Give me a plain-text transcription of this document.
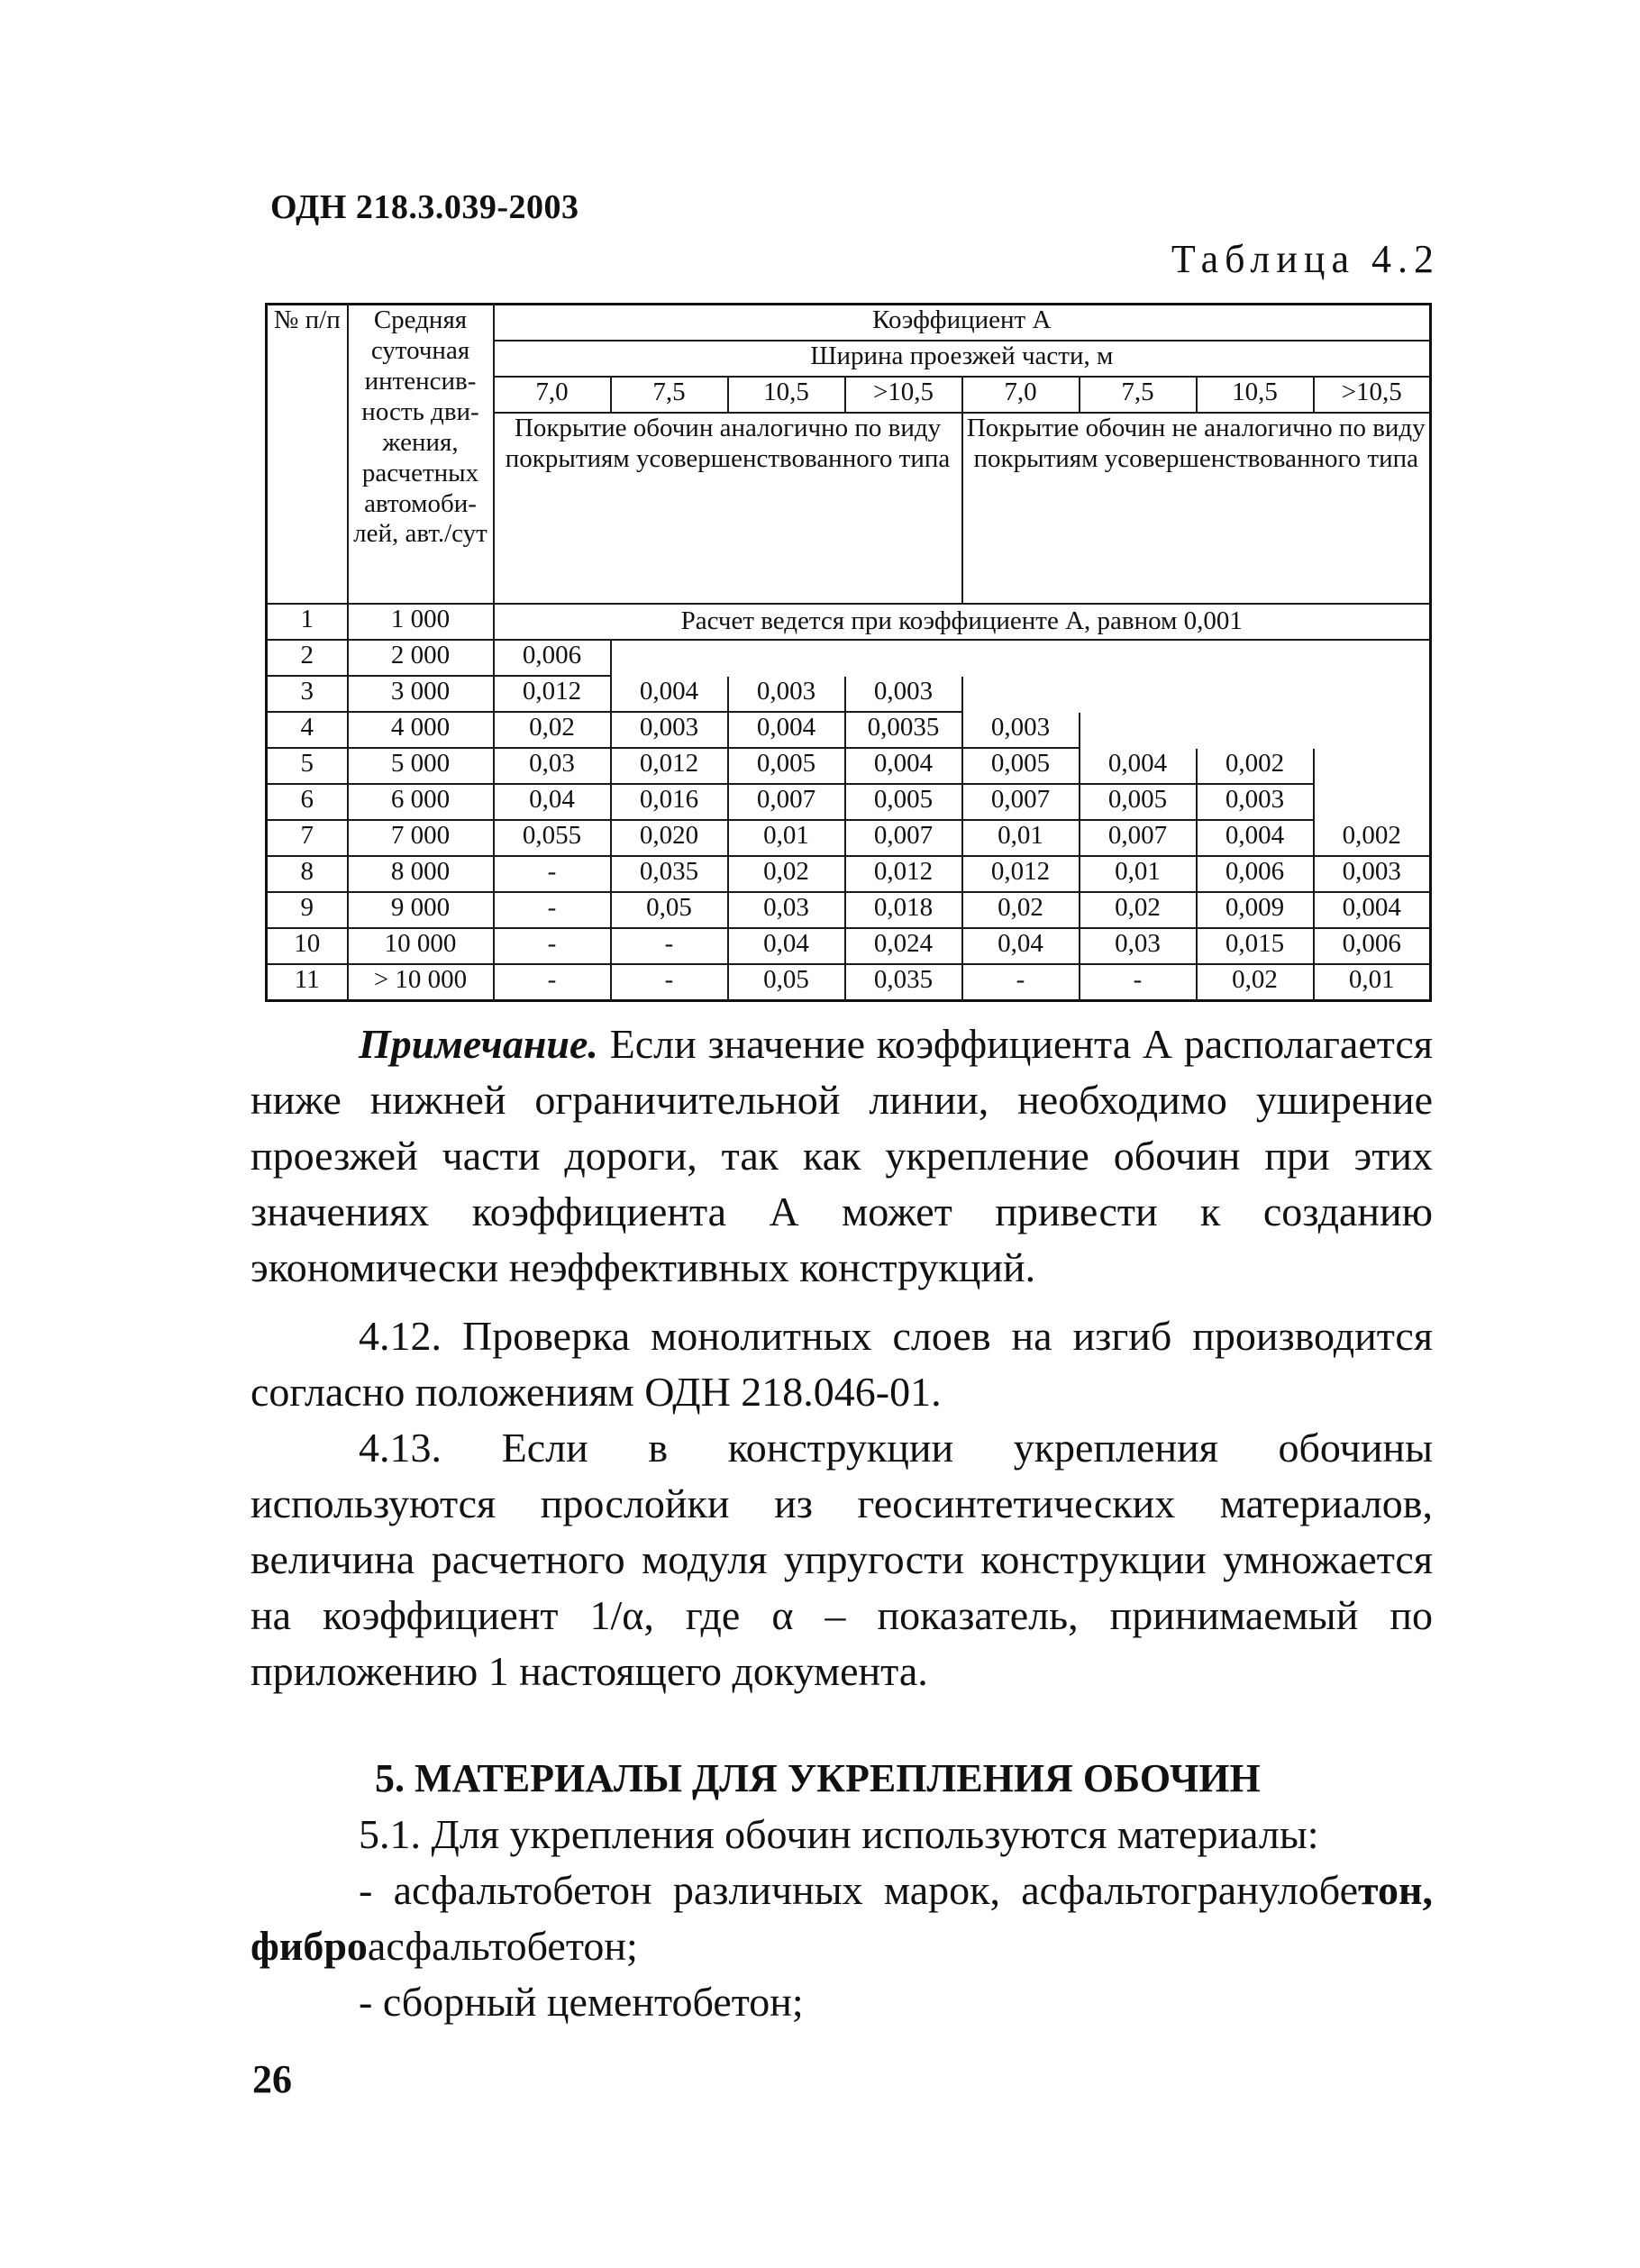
ОДН 218.3.039-2003
Таблица 4.2
№ п/п	Средняя суточная интенсив-ность дви-жения, расчетных автомоби-лей, авт./сут	Коэффициент А							
		Ширина проезжей части, м							
		7,0	7,5	10,5	>10,5	7,0	7,5	10,5	>10,5
		Покрытие обочин аналогично по виду покрытиям усовершенствованного типа				Покрытие обочин не аналогично по виду покрытиям усовершенствованного типа			
1	1 000	Расчет ведется при коэффициенте А, равном 0,001							
2	2 000	0,006							
3	3 000	0,012	0,004	0,003	0,003				
4	4 000	0,02	0,003	0,004	0,0035	0,003			
5	5 000	0,03	0,012	0,005	0,004	0,005	0,004	0,002	
6	6 000	0,04	0,016	0,007	0,005	0,007	0,005	0,003	
7	7 000	0,055	0,020	0,01	0,007	0,01	0,007	0,004	0,002
8	8 000	-	0,035	0,02	0,012	0,012	0,01	0,006	0,003
9	9 000	-	0,05	0,03	0,018	0,02	0,02	0,009	0,004
10	10 000	-	-	0,04	0,024	0,04	0,03	0,015	0,006
11	> 10 000	-	-	0,05	0,035	-	-	0,02	0,01

Примечание. Если значение коэффициента А располагается ниже нижней ограничительной линии, необходимо уширение проезжей части дороги, так как укрепление обочин при этих значениях коэффициента А может привести к созданию экономически неэффективных конструкций.

4.12. Проверка монолитных слоев на изгиб производится согласно положениям ОДН 218.046-01.

4.13. Если в конструкции укрепления обочины используются прослойки из геосинтетических материалов, величина расчетного модуля упругости конструкции умножается на коэффициент 1/α, где α – показатель, принимаемый по приложению 1 настоящего документа.

5. МАТЕРИАЛЫ ДЛЯ УКРЕПЛЕНИЯ ОБОЧИН

5.1. Для укрепления обочин используются материалы:

- асфальтобетон различных марок, асфальтогранулобетон, фиброасфальтобетон;

- сборный цементобетон;

26
